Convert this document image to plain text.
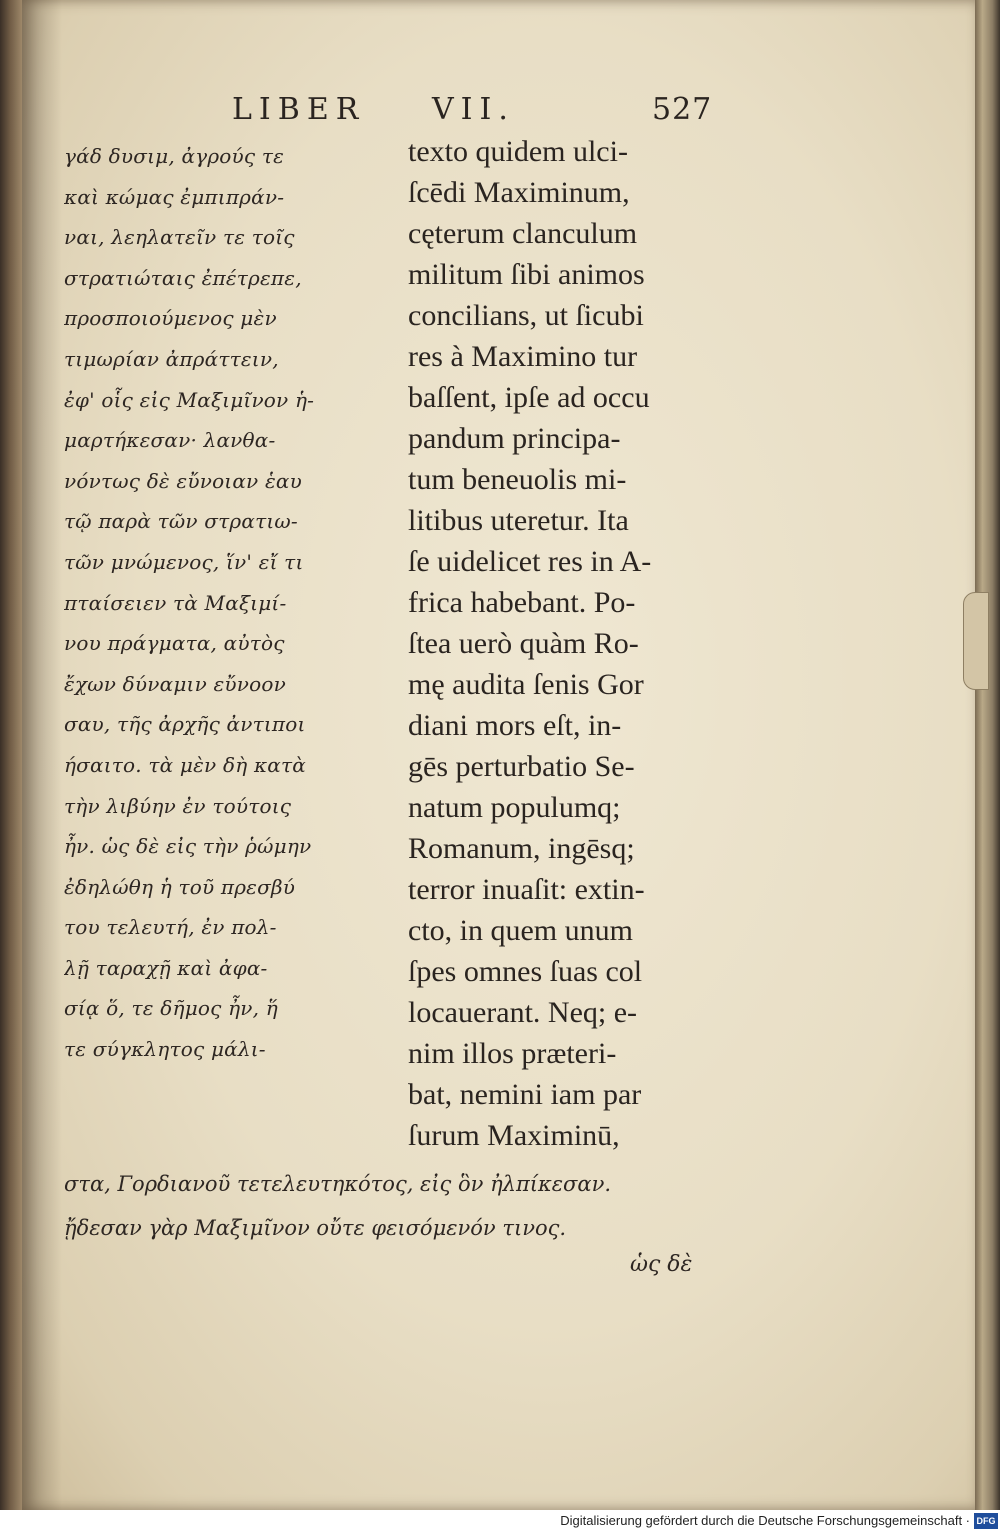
LIBER VII.	527
γάδ δυσιμ, ἀγρούς τε
καὶ κώμας ἐμπιπράν-
ναι, λεηλατεῖν τε τοῖς
στρατιώταις ἐπέτρεπε,
προσποιούμενος μὲν
τιμωρίαν ἀπράττειν,
ἐφ' οἷς εἰς Μαξιμῖνον ἡ-
μαρτήκεσαν· λανθα-
νόντως δὲ εὔνοιαν ἑαυ
τῷ παρὰ τῶν στρατιω-
τῶν μνώμενος, ἵν' εἴ τι
πταίσειεν τὰ Μαξιμί-
νου πράγματα, αὐτὸς
ἔχων δύναμιν εὔνοον
σαυ, τῆς ἀρχῆς ἀντιποι
ήσαιτο. τὰ μὲν δὴ κατὰ
τὴν λιβύην ἐν τούτοις
ἦν. ὡς δὲ εἰς τὴν ῥώμην
ἐδηλώθη ἡ τοῦ πρεσβύ
του τελευτή, ἐν πολ-
λῇ ταραχῇ καὶ ἀφα-
σίᾳ ὅ, τε δῆμος ἦν, ἥ
τε σύγκλητος μάλι-
texto quidem ulci-
ſcēdi Maximinum,
cęterum clanculum
militum ſibi animos
concilians, ut ſicubi
res à Maximino tur
baſſent, ipſe ad occu
pandum principa-
tum beneuolis mi-
litibus uteretur. Ita
ſe uidelicet res in A-
frica habebant. Po-
ſtea uerò quàm Ro-
mę audita ſenis Gor
diani mors eſt, in-
gēs perturbatio Se-
natum populumq;
Romanum, ingēsq;
terror inuaſit: extin-
cto, in quem unum
ſpes omnes ſuas col
locauerant. Neq; e-
nim illos præteri-
bat, nemini iam par
ſurum Maximinū,
στα, Γορδιανοῦ τετελευτηκότος, εἰς ὃν ἠλπίκεσαν.
ᾔδεσαν γὰρ Μαξιμῖνον οὔτε φεισόμενόν τινος.
ὡς δὲ
Digitalisierung gefördert durch die Deutsche Forschungsgemeinschaft · DFG
